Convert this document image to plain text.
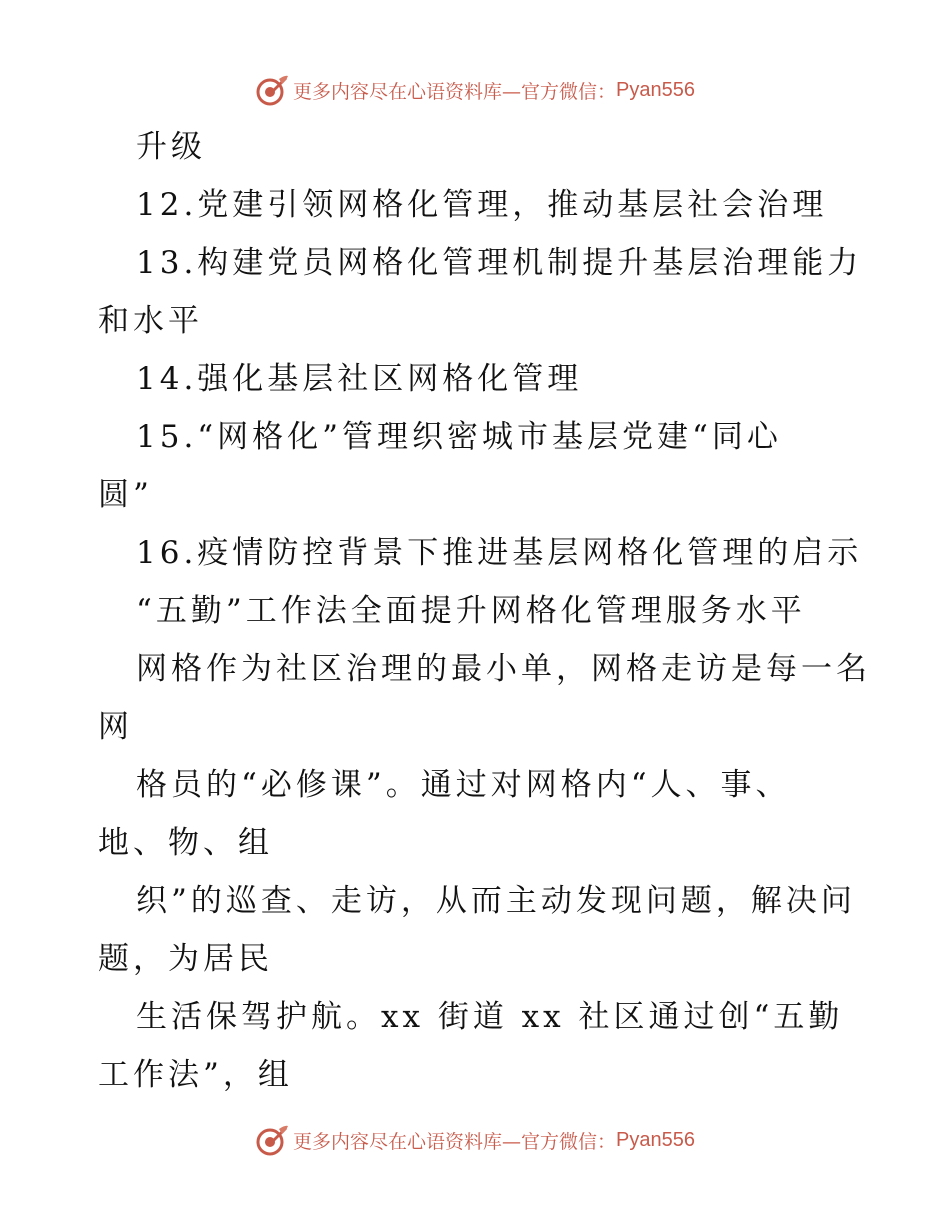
更多内容尽在心语资料库—官方微信： Pyan556
升级
12.党建引领网格化管理，推动基层社会治理
13.构建党员网格化管理机制提升基层治理能力
和水平
14.强化基层社区网格化管理
15.“网格化”管理织密城市基层党建“同心
圆”
16.疫情防控背景下推进基层网格化管理的启示
“五勤”工作法全面提升网格化管理服务水平
网格作为社区治理的最小单，网格走访是每一名
网
格员的“必修课”。通过对网格内“人、事、
地、物、组
织”的巡查、走访，从而主动发现问题，解决问
题，为居民
生活保驾护航。xx 街道 xx 社区通过创“五勤
工作法”，组
更多内容尽在心语资料库—官方微信： Pyan556
